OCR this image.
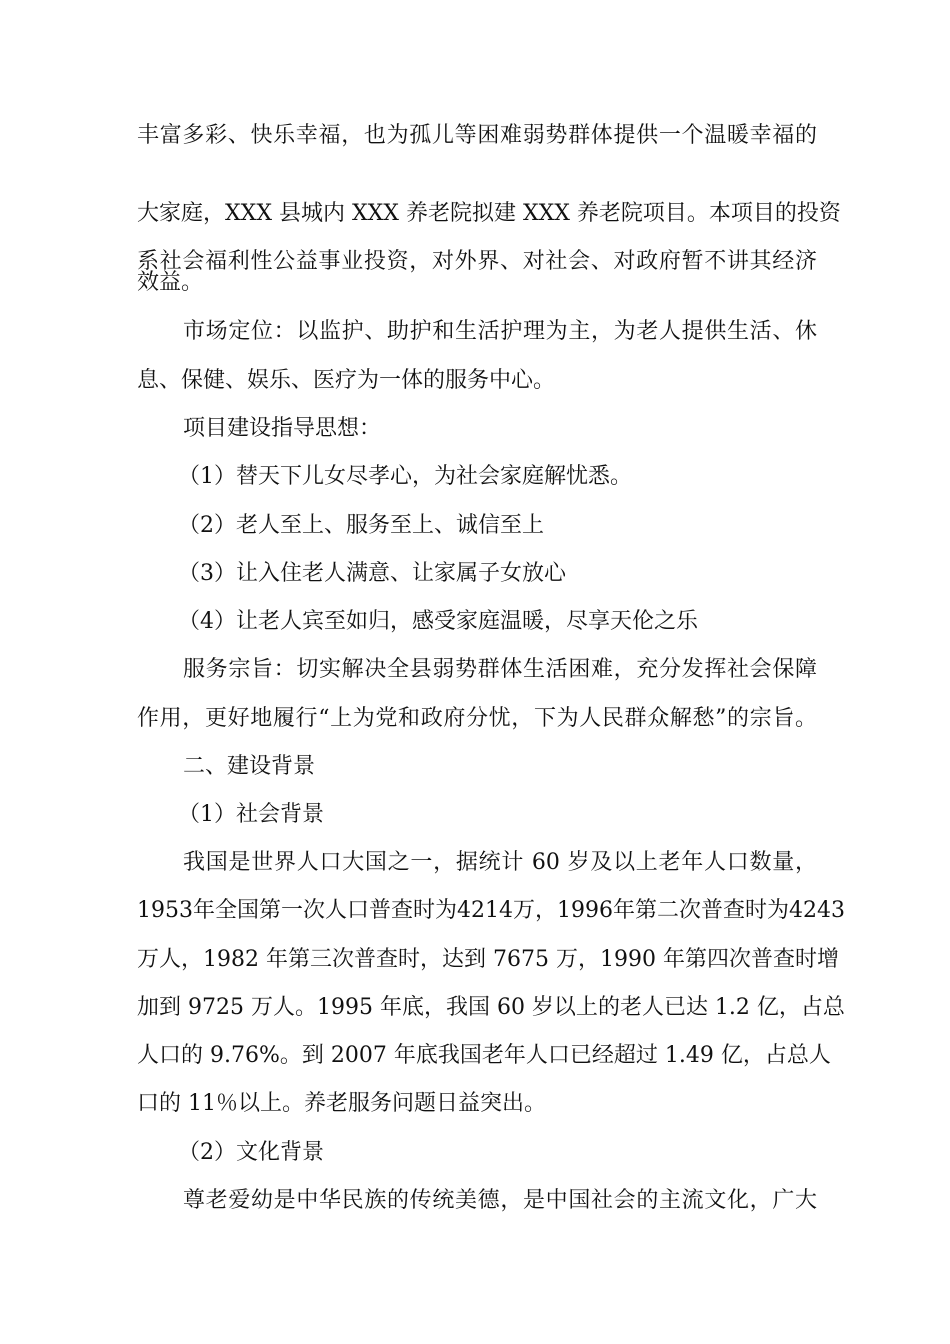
丰富多彩、快乐幸福，也为孤儿等困难弱势群体提供一个温暖幸福的
大家庭，XXX 县城内 XXX 养老院拟建 XXX 养老院项目。本项目的投资
系社会福利性公益事业投资，对外界、对社会、对政府暂不讲其经济
效益。
市场定位：以监护、助护和生活护理为主，为老人提供生活、休
息、保健、娱乐、医疗为一体的服务中心。
项目建设指导思想：
（1）替天下儿女尽孝心，为社会家庭解忧悉。
（2）老人至上、服务至上、诚信至上
（3）让入住老人满意、让家属子女放心
（4）让老人宾至如归，感受家庭温暖，尽享天伦之乐
服务宗旨：切实解决全县弱势群体生活困难，充分发挥社会保障
作用，更好地履行“上为党和政府分忧，下为人民群众解愁”的宗旨。
二、建设背景
（1）社会背景
我国是世界人口大国之一，据统计 60 岁及以上老年人口数量，
1953年全国第一次人口普查时为4214万，1996年第二次普查时为4243
万人，1982 年第三次普查时，达到 7675 万，1990 年第四次普查时增
加到 9725 万人。1995 年底，我国 60 岁以上的老人已达 1.2 亿，占总
人口的 9.76%。到 2007 年底我国老年人口已经超过 1.49 亿，占总人
口的 11％以上。养老服务问题日益突出。
（2）文化背景
尊老爱幼是中华民族的传统美德，是中国社会的主流文化，广大
